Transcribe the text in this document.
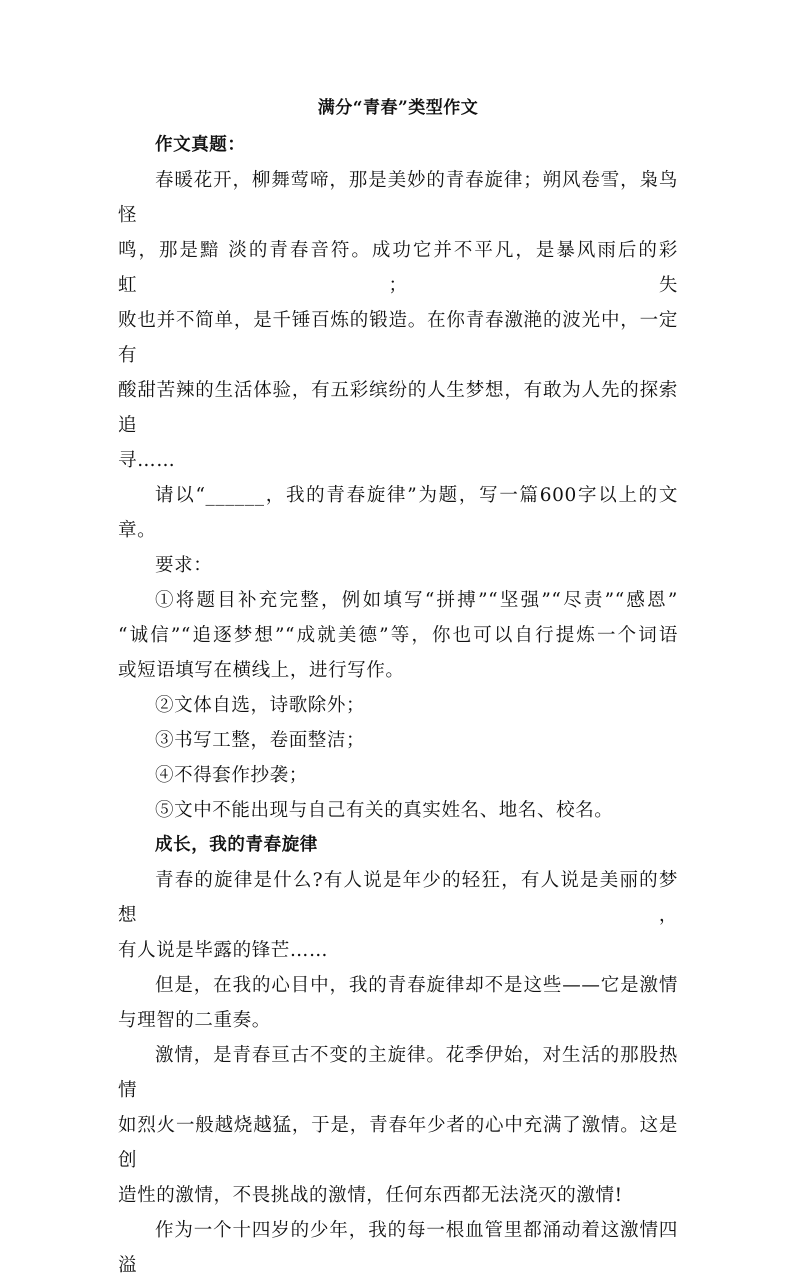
满分“青春”类型作文

作文真题：

春暖花开，柳舞莺啼，那是美妙的青春旋律；朔风卷雪，枭鸟怪

鸣，那是黯 淡的青春音符。成功它并不平凡，是暴风雨后的彩虹；失

败也并不简单，是千锤百炼的锻造。在你青春激滟的波光中，一定有

酸甜苦辣的生活体验，有五彩缤纷的人生梦想，有敢为人先的探索追

寻……

请以“______，我的青春旋律”为题，写一篇600字以上的文章。

要求：

①将题目补充完整，例如填写“拼搏”“坚强”“尽责”“感恩”

“诚信”“追逐梦想”“成就美德”等，你也可以自行提炼一个词语

或短语填写在横线上，进行写作。

②文体自选，诗歌除外；

③书写工整，卷面整洁；

④不得套作抄袭；

⑤文中不能出现与自己有关的真实姓名、地名、校名。

成长，我的青春旋律

青春的旋律是什么?有人说是年少的轻狂，有人说是美丽的梦想，

有人说是毕露的锋芒……

但是，在我的心目中，我的青春旋律却不是这些——它是激情

与理智的二重奏。

激情，是青春亘古不变的主旋律。花季伊始，对生活的那股热情

如烈火一般越烧越猛，于是，青春年少者的心中充满了激情。这是创

造性的激情，不畏挑战的激情，任何东西都无法浇灭的激情!

作为一个十四岁的少年，我的每一根血管里都涌动着这激情四溢
